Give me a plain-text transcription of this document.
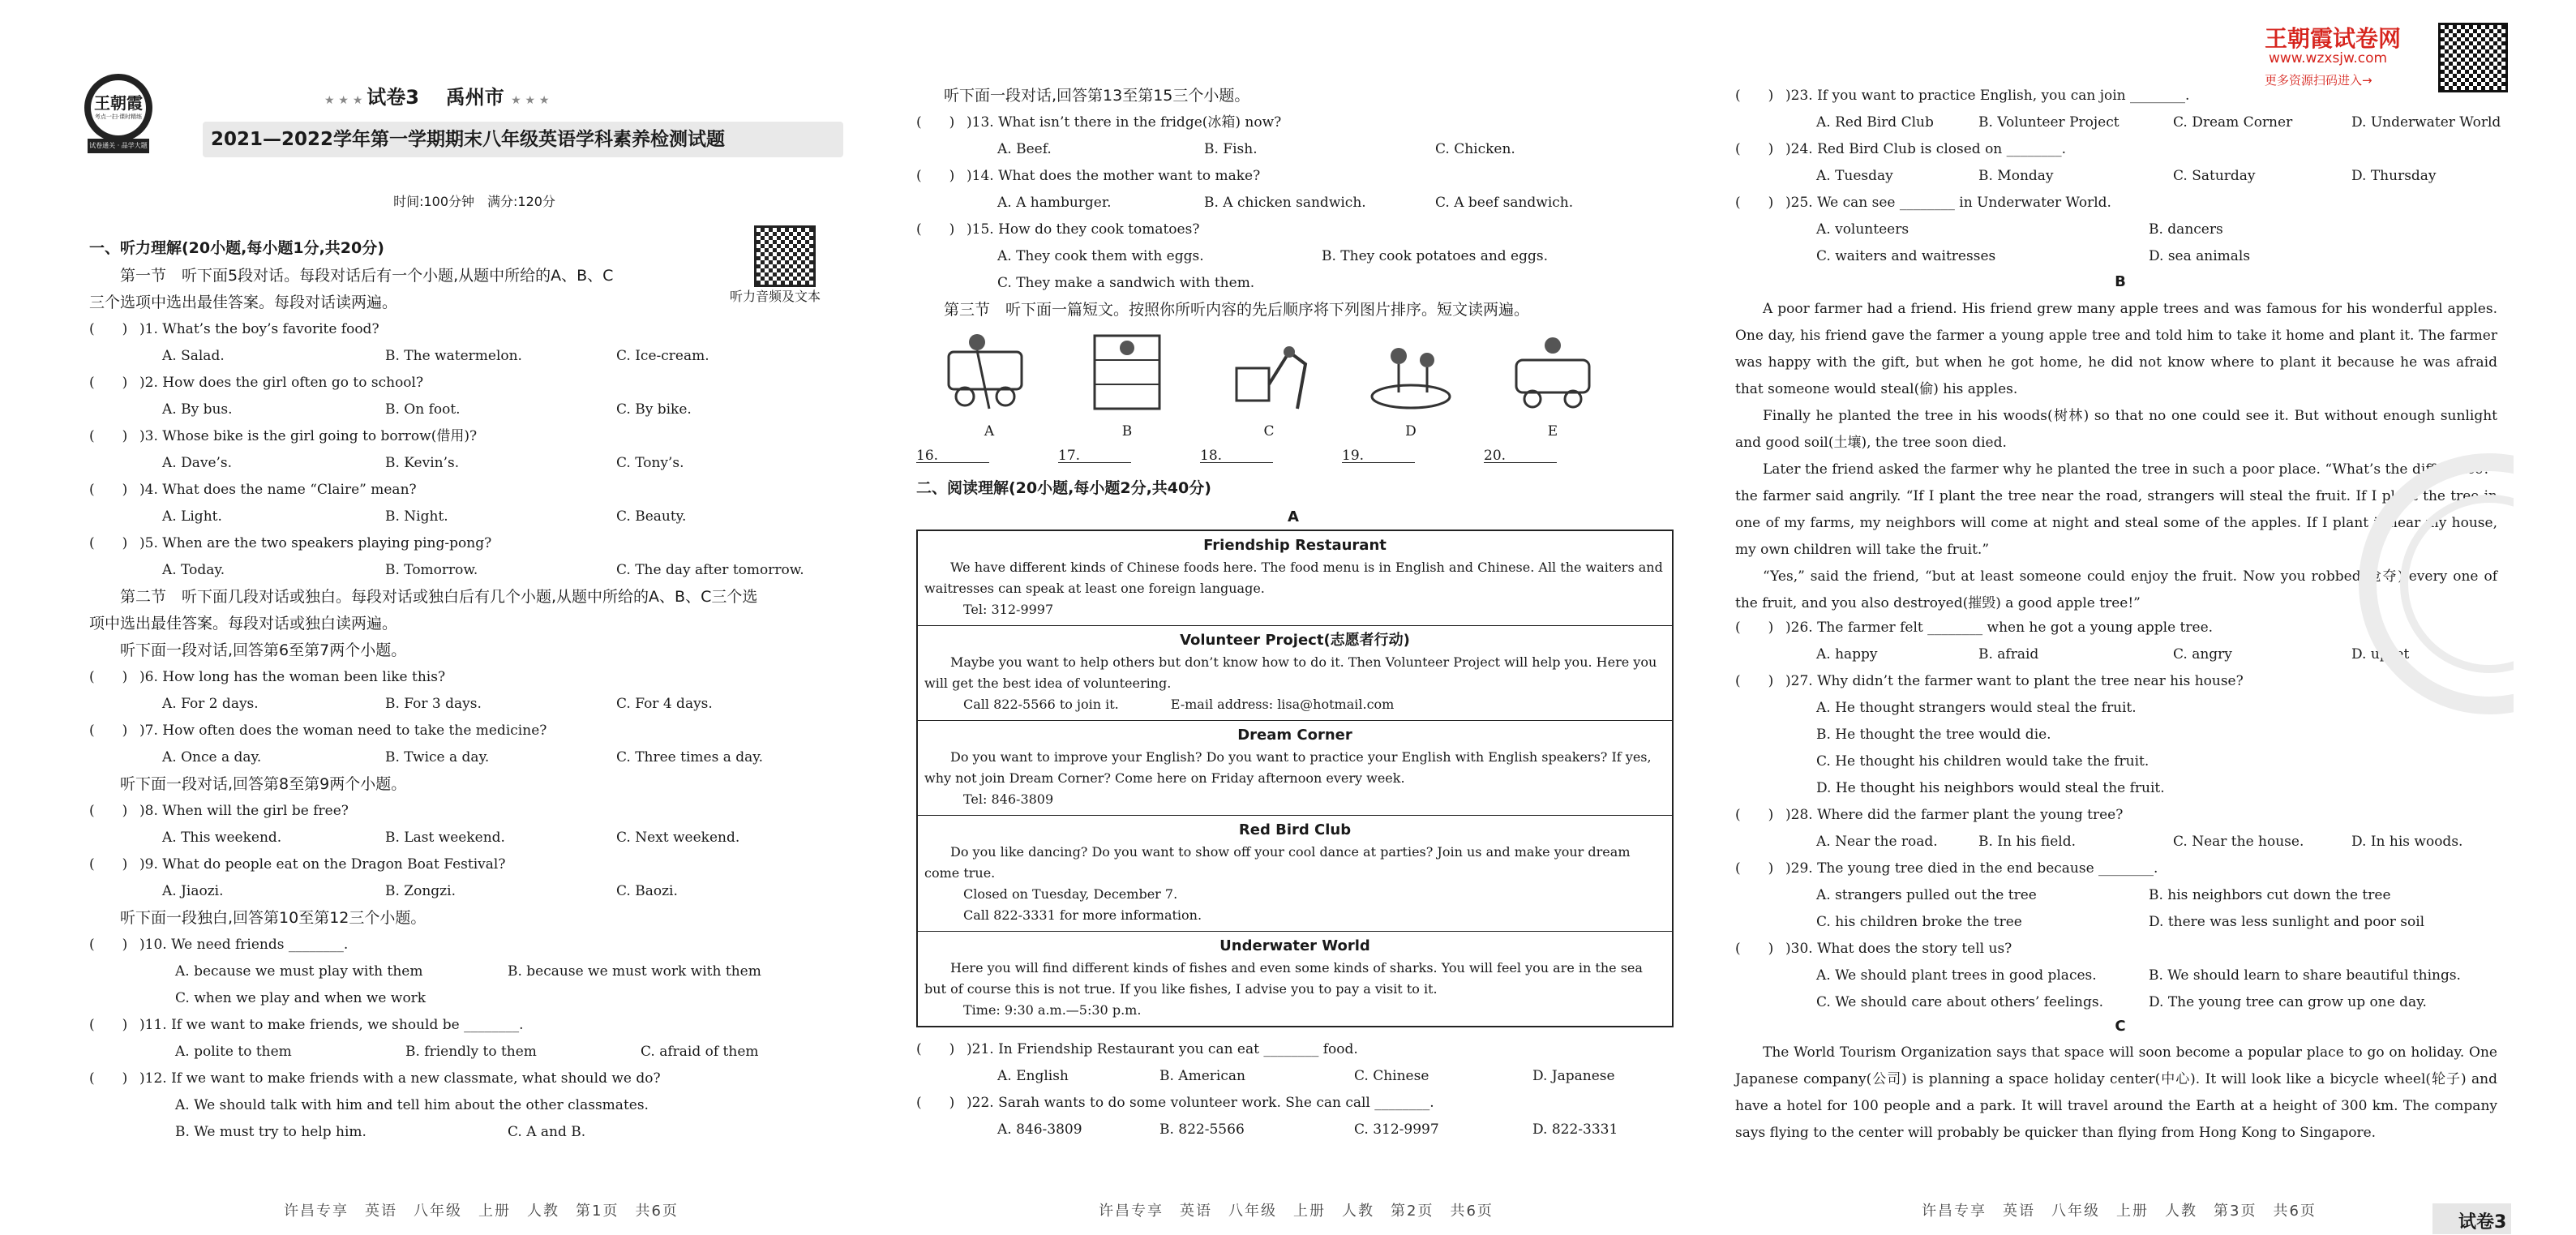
王朝霞
考点一扫·课时精练
试卷通关 · 品学大题
★ ★ ★ 试卷3 禹州市 ★ ★ ★
2021—2022学年第一学期期末八年级英语学科素养检测试题
时间:100分钟　满分:120分
听力音频及文本
一、听力理解(20小题,每小题1分,共20分)
第一节　听下面5段对话。每段对话后有一个小题,从题中所给的A、B、C
三个选项中选出最佳答案。每段对话读两遍。
(　　) )1. What’s the boy’s favorite food?
A. Salad.	B. The watermelon.	C. Ice-cream.
(　　) )2. How does the girl often go to school?
A. By bus.	B. On foot.	C. By bike.
(　　) )3. Whose bike is the girl going to borrow(借用)?
A. Dave’s.	B. Kevin’s.	C. Tony’s.
(　　) )4. What does the name “Claire” mean?
A. Light.	B. Night.	C. Beauty.
(　　) )5. When are the two speakers playing ping-pong?
A. Today.	B. Tomorrow.	C. The day after tomorrow.
第二节　听下面几段对话或独白。每段对话或独白后有几个小题,从题中所给的A、B、C三个选
项中选出最佳答案。每段对话或独白读两遍。
听下面一段对话,回答第6至第7两个小题。
(　　) )6. How long has the woman been like this?
A. For 2 days.	B. For 3 days.	C. For 4 days.
(　　) )7. How often does the woman need to take the medicine?
A. Once a day.	B. Twice a day.	C. Three times a day.
听下面一段对话,回答第8至第9两个小题。
(　　) )8. When will the girl be free?
A. This weekend.	B. Last weekend.	C. Next weekend.
(　　) )9. What do people eat on the Dragon Boat Festival?
A. Jiaozi.	B. Zongzi.	C. Baozi.
听下面一段独白,回答第10至第12三个小题。
(　　) )10. We need friends ________.
A. because we must play with them	B. because we must work with them
C. when we play and when we work
(　　) )11. If we want to make friends, we should be ________.
A. polite to them	B. friendly to them	C. afraid of them
(　　) )12. If we want to make friends with a new classmate, what should we do?
A. We should talk with him and tell him about the other classmates.
B. We must try to help him.	C. A and B.
许昌专享　英语　八年级　上册　人教　第1页　共6页
听下面一段对话,回答第13至第15三个小题。
(　　) )13. What isn’t there in the fridge(冰箱) now?
A. Beef.	B. Fish.	C. Chicken.
(　　) )14. What does the mother want to make?
A. A hamburger.	B. A chicken sandwich.	C. A beef sandwich.
(　　) )15. How do they cook tomatoes?
A. They cook them with eggs.	B. They cook potatoes and eggs.
C. They make a sandwich with them.
第三节　听下面一篇短文。按照你所听内容的先后顺序将下列图片排序。短文读两遍。
A	B	C	D	E
16.	17.	18.	19.	20.
二、阅读理解(20小题,每小题2分,共40分)
A
Friendship Restaurant

We have different kinds of Chinese foods here. The food menu is in English and Chinese. All the waiters and waitresses can speak at least one foreign language.

Tel: 312-9997

Volunteer Project(志愿者行动)

Maybe you want to help others but don’t know how to do it. Then Volunteer Project will help you. Here you will get the best idea of volunteering.

Call 822-5566 to join it.　　　　E-mail address: lisa@hotmail.com

Dream Corner

Do you want to improve your English? Do you want to practice your English with English speakers? If yes, why not join Dream Corner? Come here on Friday afternoon every week.

Tel: 846-3809

Red Bird Club

Do you like dancing? Do you want to show off your cool dance at parties? Join us and make your dream come true.

Closed on Tuesday, December 7.

Call 822-3331 for more information.

Underwater World

Here you will find different kinds of fishes and even some kinds of sharks. You will feel you are in the sea but of course this is not true. If you like fishes, I advise you to pay a visit to it.

Time: 9:30 a.m.—5:30 p.m.

(　　) )21. In Friendship Restaurant you can eat ________ food.
A. English	B. American	C. Chinese	D. Japanese
(　　) )22. Sarah wants to do some volunteer work. She can call ________.
A. 846-3809	B. 822-5566	C. 312-9997	D. 822-3331
许昌专享　英语　八年级　上册　人教　第2页　共6页
王朝霞试卷网
www.wzxsjw.com
更多资源扫码进入→
(　　) )23. If you want to practice English, you can join ________.
A. Red Bird Club	B. Volunteer Project	C. Dream Corner	D. Underwater World
(　　) )24. Red Bird Club is closed on ________.
A. Tuesday	B. Monday	C. Saturday	D. Thursday
(　　) )25. We can see ________ in Underwater World.
A. volunteers	B. dancers
C. waiters and waitresses	D. sea animals
B
A poor farmer had a friend. His friend grew many apple trees and was famous for his wonderful apples. One day, his friend gave the farmer a young apple tree and told him to take it home and plant it. The farmer was happy with the gift, but when he got home, he did not know where to plant it because he was afraid that someone would steal(偷) his apples.
Finally he planted the tree in his woods(树林) so that no one could see it. But without enough sunlight and good soil(土壤), the tree soon died.
Later the friend asked the farmer why he planted the tree in such a poor place. “What’s the difference?” the farmer said angrily. “If I plant the tree near the road, strangers will steal the fruit. If I plant the tree in one of my farms, my neighbors will come at night and steal some of the apples. If I plant it near my house, my own children will take the fruit.”
“Yes,” said the friend, “but at least someone could enjoy the fruit. Now you robbed(抢夺) every one of the fruit, and you also destroyed(摧毁) a good apple tree!”
(　　) )26. The farmer felt ________ when he got a young apple tree.
A. happy	B. afraid	C. angry	D. upset
(　　) )27. Why didn’t the farmer want to plant the tree near his house?
A. He thought strangers would steal the fruit.
B. He thought the tree would die.
C. He thought his children would take the fruit.
D. He thought his neighbors would steal the fruit.
(　　) )28. Where did the farmer plant the young tree?
A. Near the road.	B. In his field.	C. Near the house.	D. In his woods.
(　　) )29. The young tree died in the end because ________.
A. strangers pulled out the tree	B. his neighbors cut down the tree
C. his children broke the tree	D. there was less sunlight and poor soil
(　　) )30. What does the story tell us?
A. We should plant trees in good places.	B. We should learn to share beautiful things.
C. We should care about others’ feelings.	D. The young tree can grow up one day.
C
The World Tourism Organization says that space will soon become a popular place to go on holiday. One Japanese company(公司) is planning a space holiday center(中心). It will look like a bicycle wheel(轮子) and have a hotel for 100 people and a park. It will travel around the Earth at a height of 300 km. The company says flying to the center will probably be quicker than flying from Hong Kong to Singapore.
许昌专享　英语　八年级　上册　人教　第3页　共6页
试卷3
